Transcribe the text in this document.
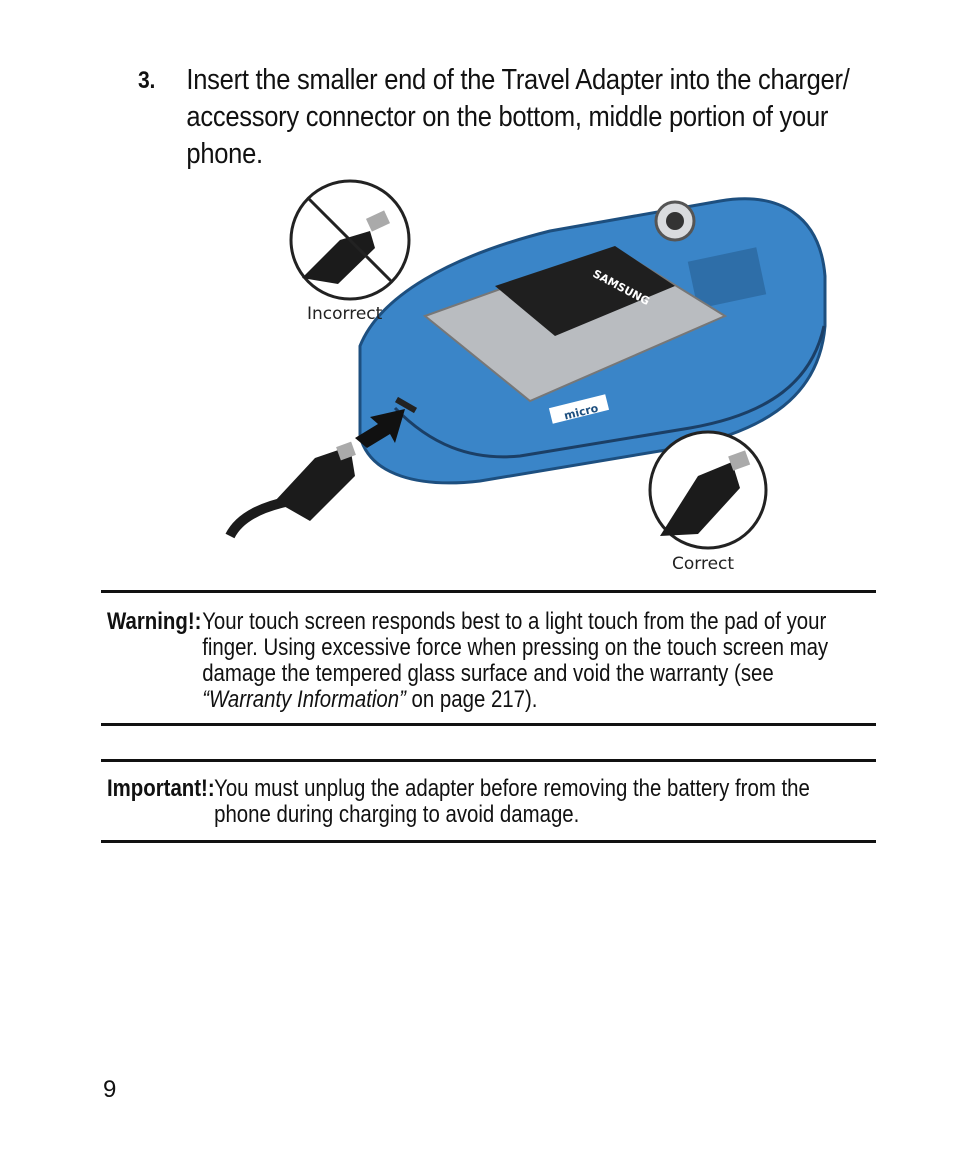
3. Insert the smaller end of the Travel Adapter into the charger/ accessory connector on the bottom, middle portion of your phone.
SAMSUNG
micro
Incorrect
Correct
Warning!: Your touch screen responds best to a light touch from the pad of your finger. Using excessive force when pressing on the touch screen may damage the tempered glass surface and void the warranty (see “Warranty Information” on page 217).
Important!: You must unplug the adapter before removing the battery from the phone during charging to avoid damage.
9
